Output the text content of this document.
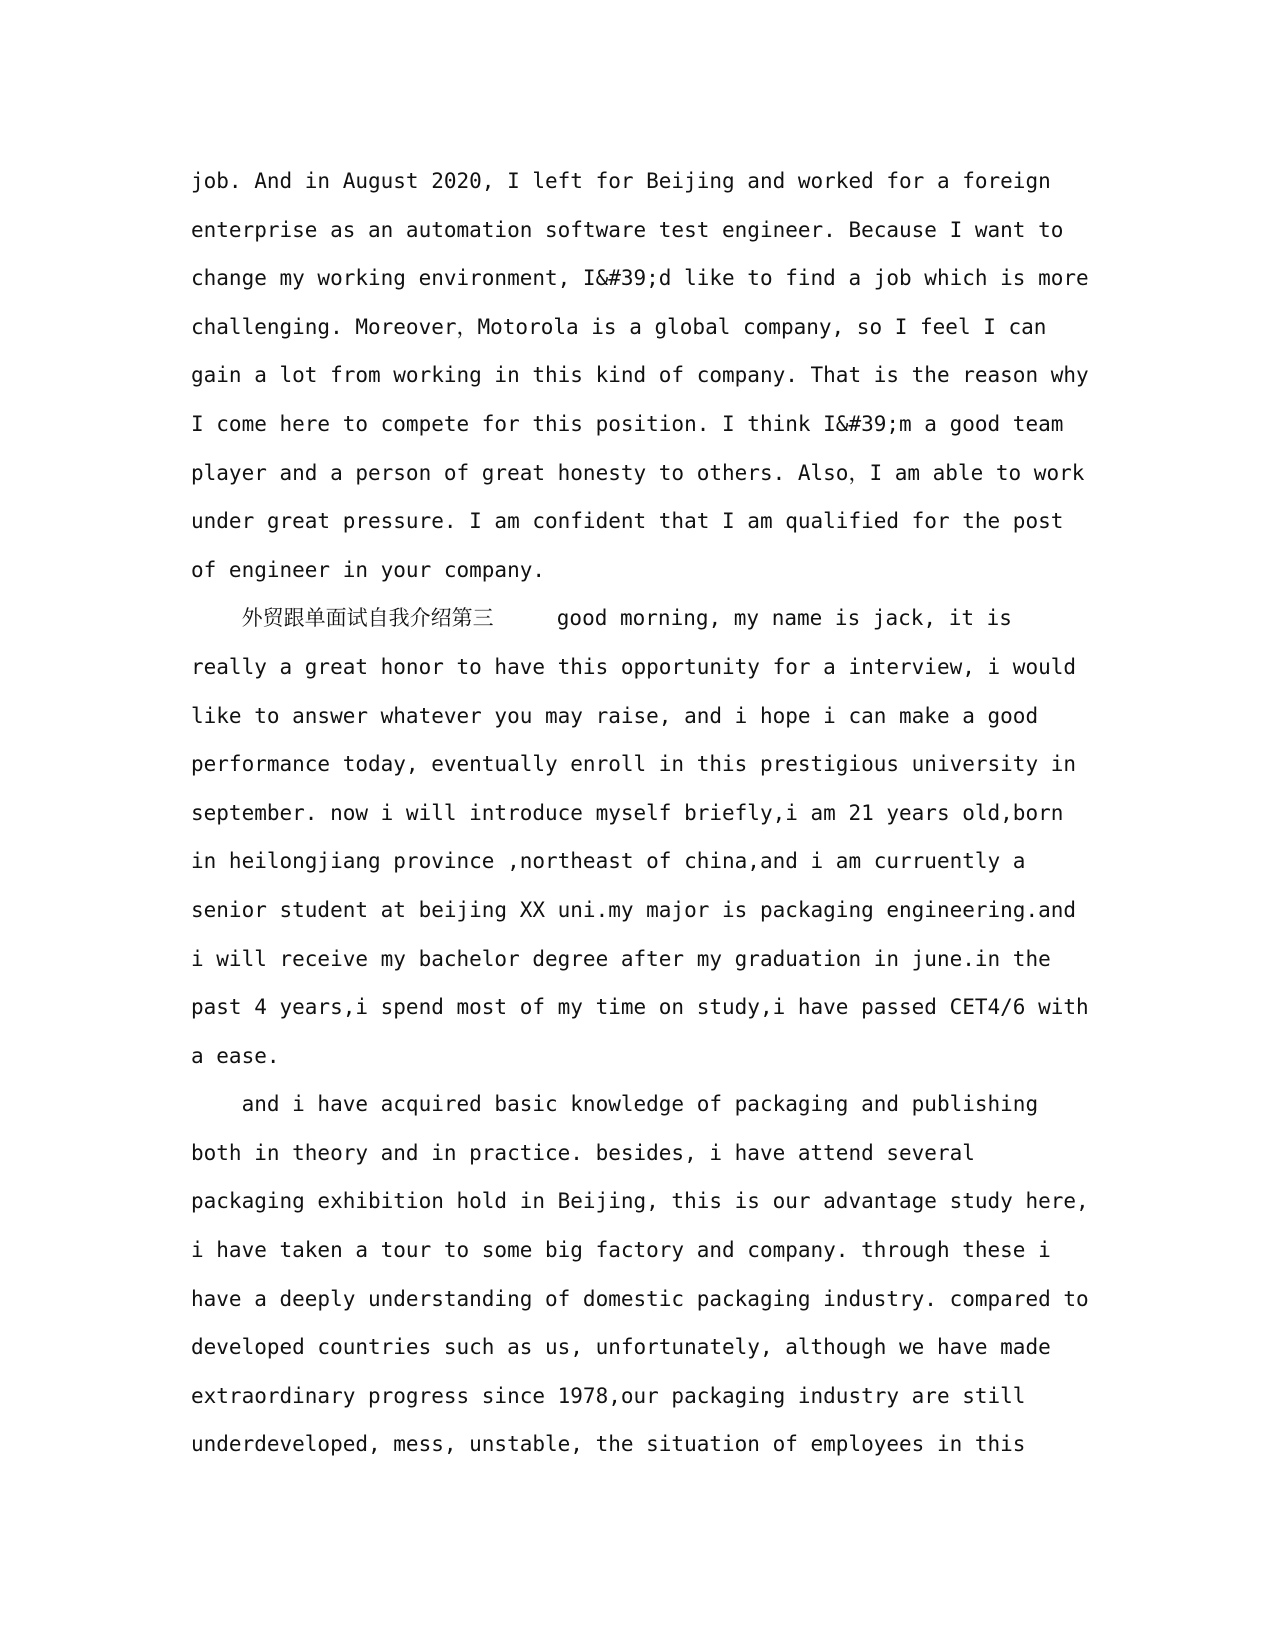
job. And in August 2020, I left for Beijing and worked for a foreign
enterprise as an automation software test engineer. Because I want to
change my working environment, I&#39;d like to find a job which is more
challenging. Moreover，Motorola is a global company, so I feel I can
gain a lot from working in this kind of company. That is the reason why
I come here to compete for this position. I think I&#39;m a good team
player and a person of great honesty to others. Also，I am able to work
under great pressure. I am confident that I am qualified for the post
of engineer in your company.
外贸跟单面试自我介绍第三     good morning, my name is jack, it is
really a great honor to have this opportunity for a interview, i would
like to answer whatever you may raise, and i hope i can make a good
performance today, eventually enroll in this prestigious university in
september. now i will introduce myself briefly,i am 21 years old,born
in heilongjiang province ,northeast of china,and i am curruently a
senior student at beijing XX uni.my major is packaging engineering.and
i will receive my bachelor degree after my graduation in june.in the
past 4 years,i spend most of my time on study,i have passed CET4/6 with
a ease.
and i have acquired basic knowledge of packaging and publishing
both in theory and in practice. besides, i have attend several
packaging exhibition hold in Beijing, this is our advantage study here,
i have taken a tour to some big factory and company. through these i
have a deeply understanding of domestic packaging industry. compared to
developed countries such as us, unfortunately, although we have made
extraordinary progress since 1978,our packaging industry are still
underdeveloped, mess, unstable, the situation of employees in this
